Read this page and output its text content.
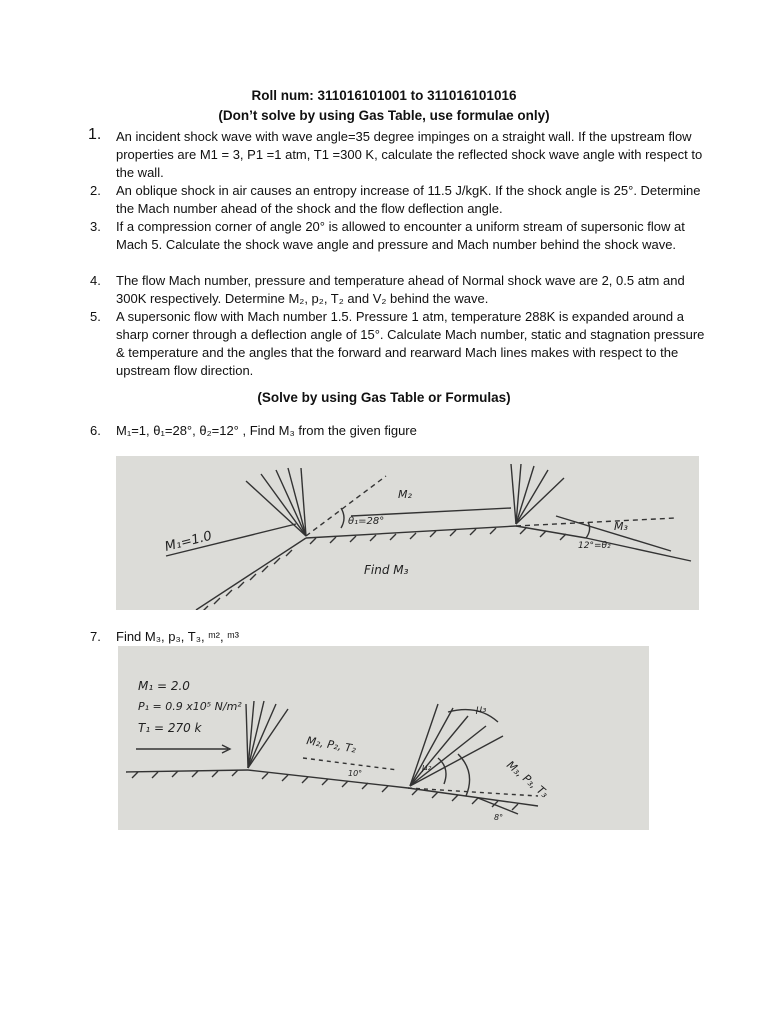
Roll num: 311016101001 to 311016101016
(Don’t solve by using Gas Table, use formulae only)
1. An incident shock wave with wave angle=35 degree impinges on a straight wall. If the upstream flow properties are M1 = 3, P1 =1 atm, T1 =300 K, calculate the reflected shock wave angle with respect to the wall.
2. An oblique shock in air causes an entropy increase of 11.5 J/kgK. If the shock angle is 25°. Determine the Mach number ahead of the shock and the flow deflection angle.
3. If a compression corner of angle 20° is allowed to encounter a uniform stream of supersonic flow at Mach 5. Calculate the shock wave angle and pressure and Mach number behind the shock wave.
4. The flow Mach number, pressure and temperature ahead of Normal shock wave are 2, 0.5 atm and 300K respectively. Determine M₂, p₂, T₂ and V₂ behind the wave.
5. A supersonic flow with Mach number 1.5. Pressure 1 atm, temperature 288K is expanded around a sharp corner through a deflection angle of 15°. Calculate Mach number, static and stagnation pressure & temperature and the angles that the forward and rearward Mach lines makes with respect to the upstream flow direction.
(Solve by using Gas Table or Formulas)
6. M₁=1, θ₁=28°, θ₂=12° , Find M₃ from the given figure
M₁=1.0
M₂
θ₁=28°	M₃
12°=θ₂
Find M₃
7. Find M₃, p₃, T₃, ᵐ², ᵐ³
M₁ = 2.0
P₁ = 0.9 x10⁵ N/m²
T₁ = 270 k
M₂, P₂, T₂
10°
μ₃
μ₂	M₃, P₃, T₃
8°
